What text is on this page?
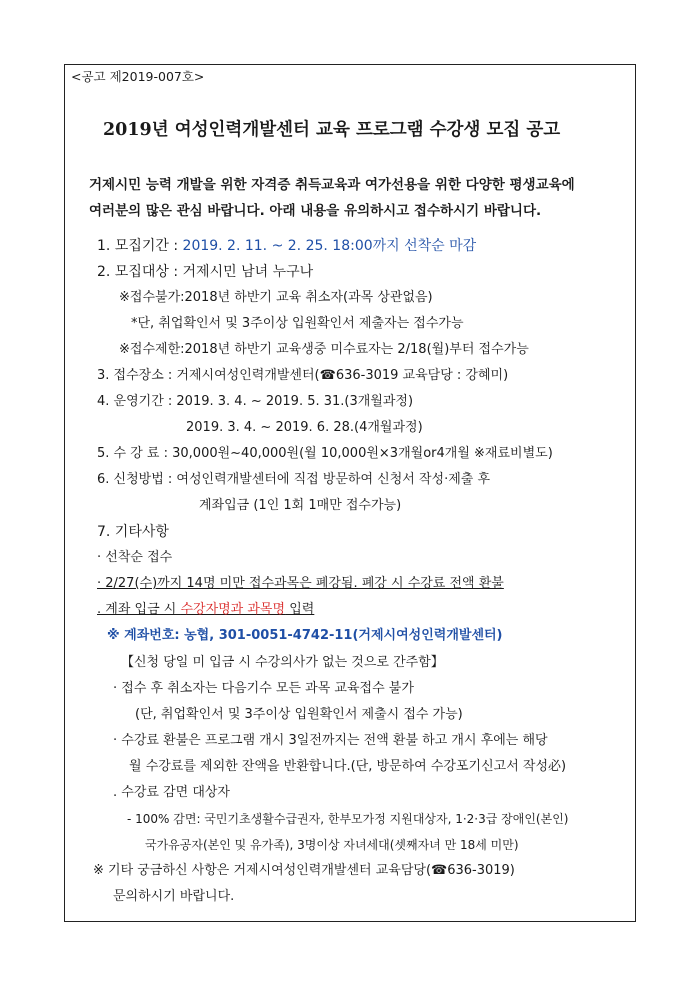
<공고 제2019-007호>
2019년 여성인력개발센터 교육 프로그램 수강생 모집 공고
거제시민 능력 개발을 위한 자격증 취득교육과 여가선용을 위한 다양한 평생교육에
여러분의 많은 관심 바랍니다. 아래 내용을 유의하시고 접수하시기 바랍니다.
1. 모집기간 : 2019. 2. 11. ~ 2. 25. 18:00까지 선착순 마감
2. 모집대상 : 거제시민 남녀 누구나
※접수불가:2018년 하반기 교육 취소자(과목 상관없음)
*단, 취업확인서 및 3주이상 입원확인서 제출자는 접수가능
※접수제한:2018년 하반기 교육생중 미수료자는 2/18(월)부터 접수가능
3. 접수장소 : 거제시여성인력개발센터(☎636-3019 교육담당 : 강혜미)
4. 운영기간 : 2019. 3. 4. ~ 2019. 5. 31.(3개월과정)
2019. 3. 4. ~ 2019. 6. 28.(4개월과정)
5. 수 강 료 : 30,000원~40,000원(월 10,000원×3개월or4개월 ※재료비별도)
6. 신청방법 : 여성인력개발센터에 직접 방문하여 신청서 작성·제출 후
계좌입금 (1인 1회 1매만 접수가능)
7. 기타사항
· 선착순 접수
· 2/27(수)까지 14명 미만 접수과목은 폐강됨. 폐강 시 수강료 전액 환불
. 계좌 입금 시 수강자명과 과목명 입력
※ 계좌번호: 농협, 301-0051-4742-11(거제시여성인력개발센터)
【신청 당일 미 입금 시 수강의사가 없는 것으로 간주함】
· 접수 후 취소자는 다음기수 모든 과목 교육접수 불가
(단, 취업확인서 및 3주이상 입원확인서 제출시 접수 가능)
· 수강료 환불은 프로그램 개시 3일전까지는 전액 환불 하고 개시 후에는 해당
월 수강료를 제외한 잔액을 반환합니다.(단, 방문하여 수강포기신고서 작성必)
. 수강료 감면 대상자
- 100% 감면: 국민기초생활수급권자, 한부모가정 지원대상자, 1·2·3급 장애인(본인)
국가유공자(본인 및 유가족), 3명이상 자녀세대(셋째자녀 만 18세 미만)
※ 기타 궁금하신 사항은 거제시여성인력개발센터 교육담당(☎636-3019)
문의하시기 바랍니다.
